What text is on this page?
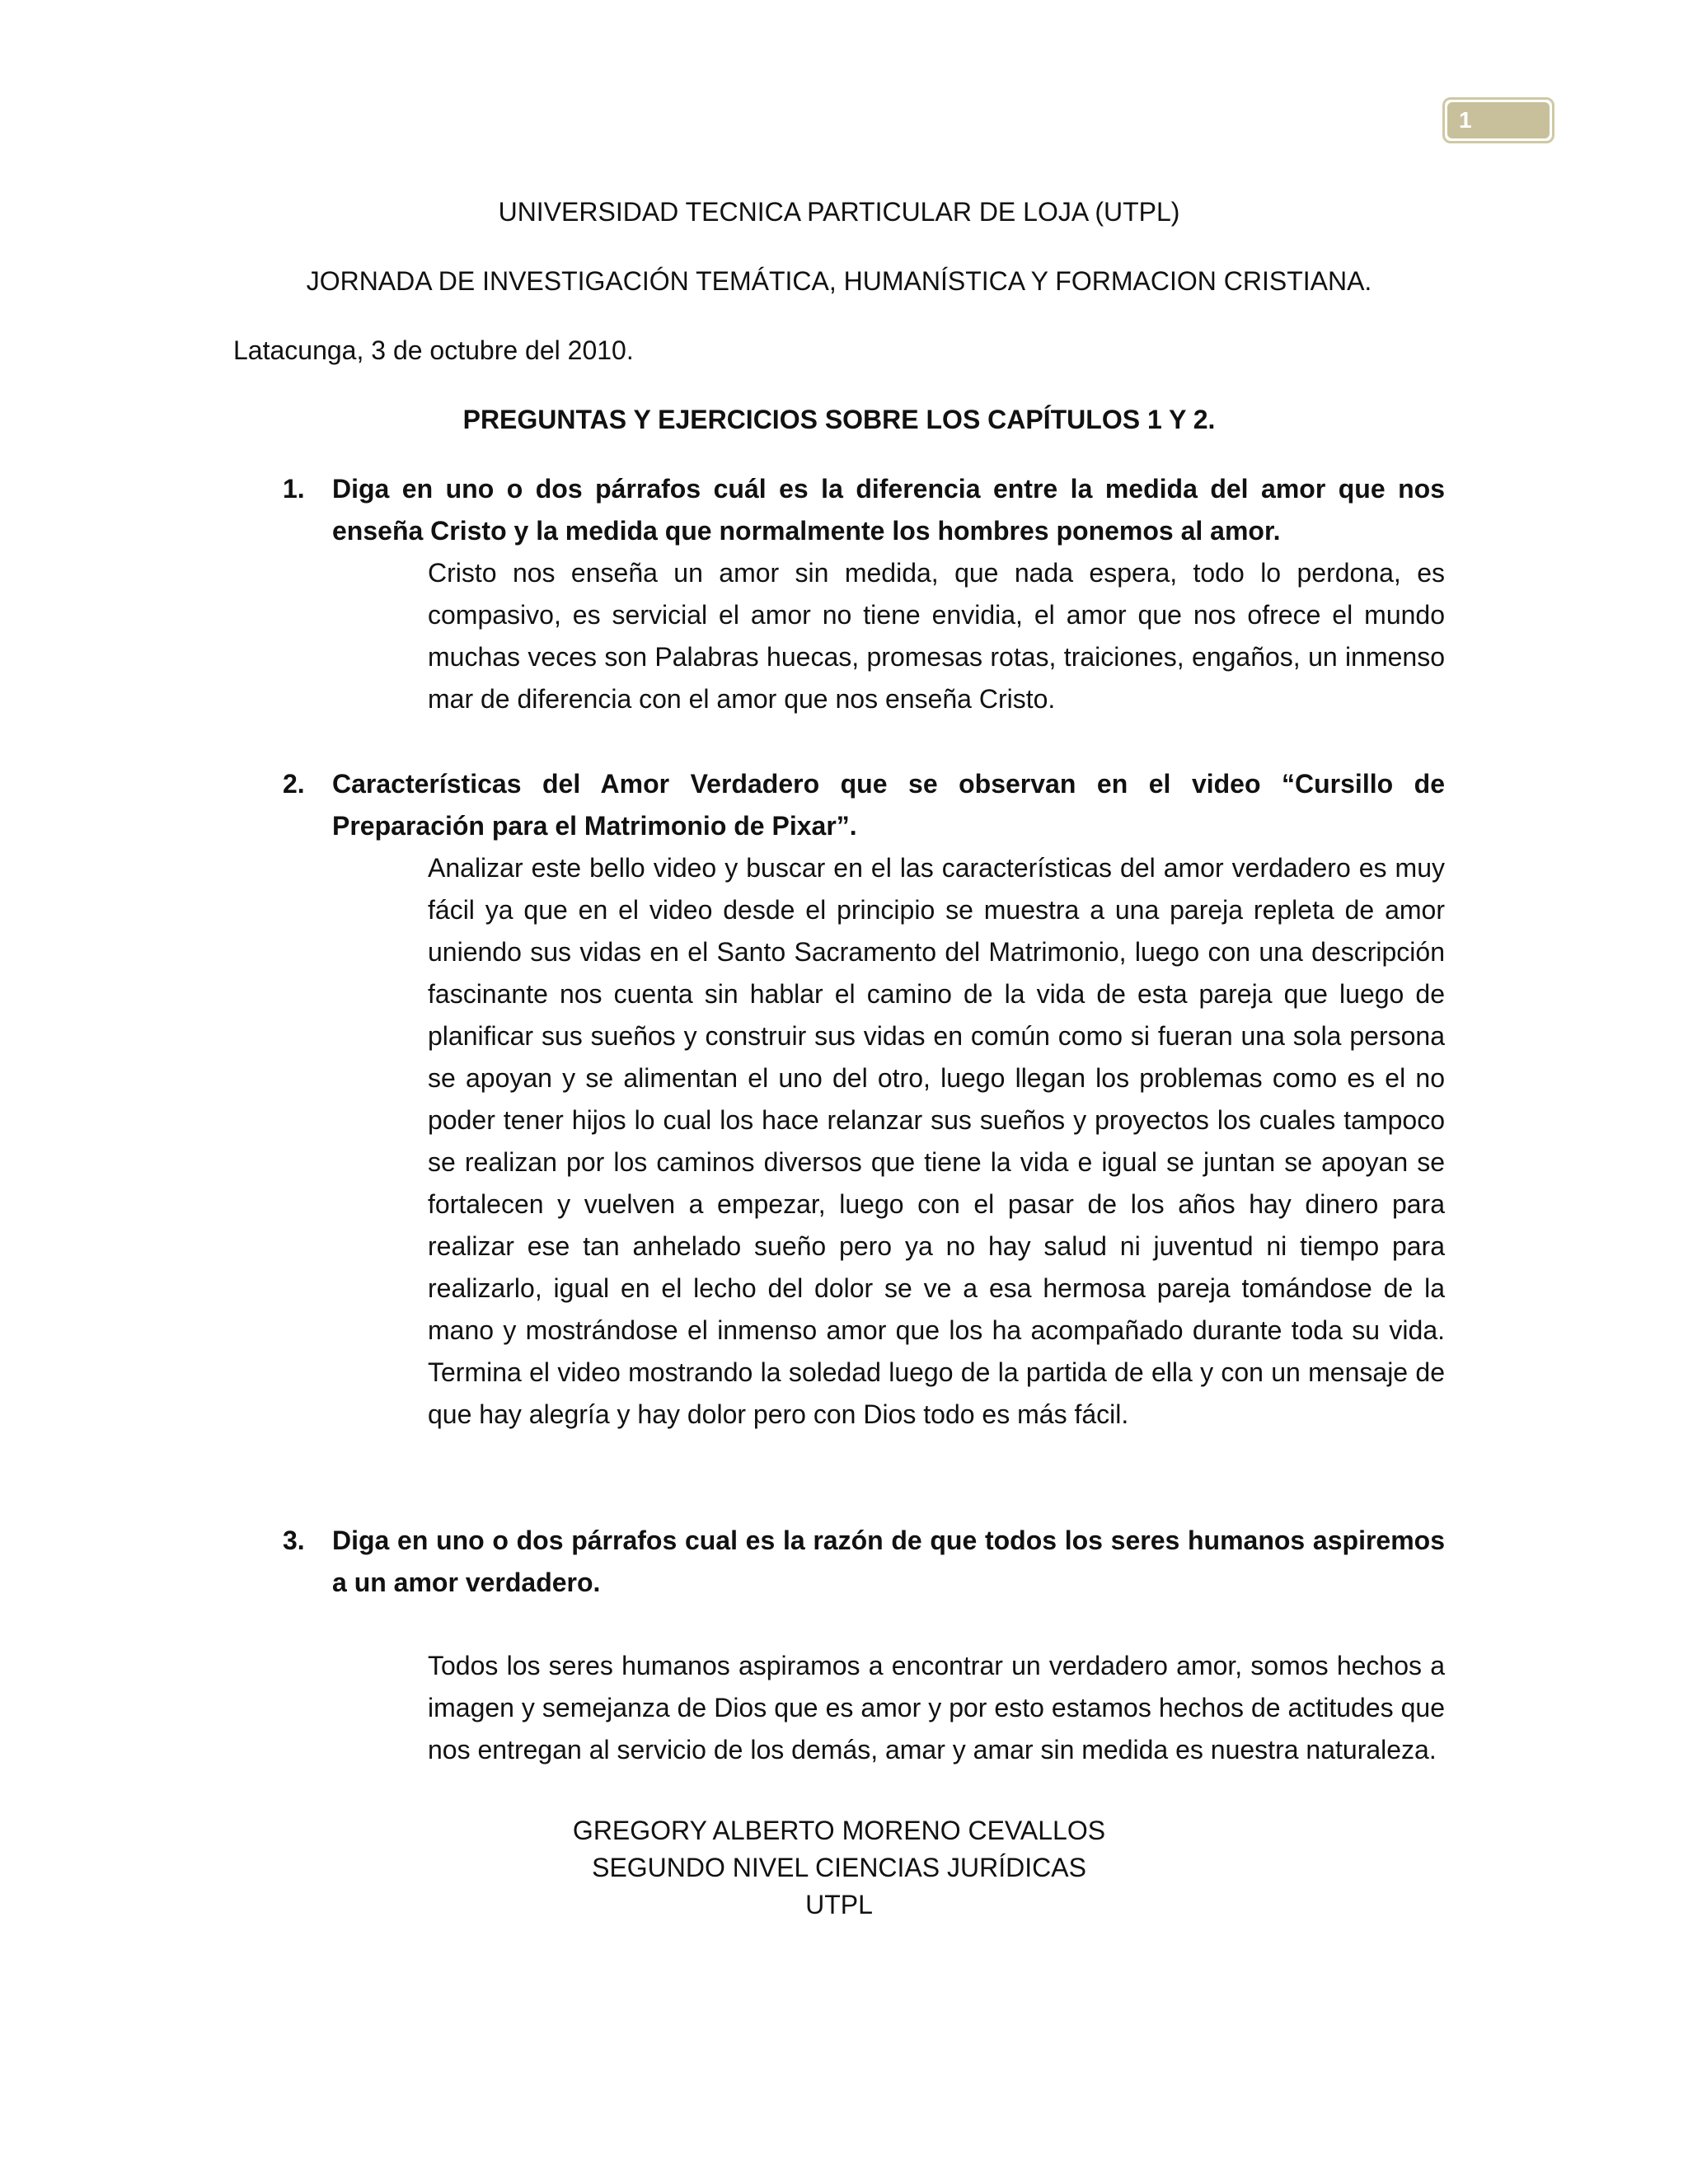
1
UNIVERSIDAD TECNICA PARTICULAR DE LOJA (UTPL)
JORNADA DE INVESTIGACIÓN TEMÁTICA, HUMANÍSTICA Y FORMACION CRISTIANA.
Latacunga, 3 de octubre del 2010.
PREGUNTAS Y EJERCICIOS SOBRE LOS CAPÍTULOS 1 Y 2.
1.	Diga en uno o dos párrafos cuál es la diferencia entre la medida del amor que nos enseña Cristo y la medida que normalmente los hombres ponemos al amor.
Cristo nos enseña un amor sin medida, que nada espera, todo lo perdona, es compasivo, es servicial el amor no tiene envidia, el amor que nos ofrece el mundo muchas veces son Palabras huecas, promesas rotas, traiciones, engaños, un inmenso mar de diferencia con el amor que nos enseña Cristo.
2.	Características del Amor Verdadero que se observan en el video “Cursillo de Preparación para el Matrimonio de Pixar”.
Analizar este bello video y buscar en el las características del amor verdadero es muy fácil ya que en el video desde el principio se muestra a una pareja repleta de amor uniendo sus vidas en el Santo Sacramento del Matrimonio, luego con una descripción fascinante nos cuenta sin hablar el camino de la vida de esta pareja que luego de planificar sus sueños y construir sus vidas en común como si fueran una sola persona se apoyan y se alimentan el uno del otro, luego llegan los problemas como es el no poder tener hijos lo cual los hace relanzar sus sueños y proyectos los cuales tampoco se realizan por los caminos diversos que tiene la vida e igual se juntan se apoyan se fortalecen y vuelven a empezar, luego con el pasar de los años hay dinero para realizar ese tan anhelado sueño pero ya no hay salud ni juventud ni tiempo para realizarlo, igual en el lecho del dolor se ve a esa hermosa pareja tomándose de la mano y mostrándose el inmenso amor que los ha acompañado durante toda su vida. Termina el video mostrando la soledad luego de la partida de ella y con un mensaje de que hay alegría y hay dolor pero con Dios todo es más fácil.
3.	Diga en uno o dos párrafos cual es la razón de que todos los seres humanos aspiremos a un amor verdadero.
Todos los seres humanos aspiramos a encontrar un verdadero amor, somos hechos a imagen y semejanza de Dios que es amor y por esto estamos hechos de actitudes que nos entregan al servicio de los demás, amar y amar sin medida es nuestra naturaleza.
GREGORY ALBERTO MORENO CEVALLOS
SEGUNDO NIVEL CIENCIAS JURÍDICAS
UTPL
